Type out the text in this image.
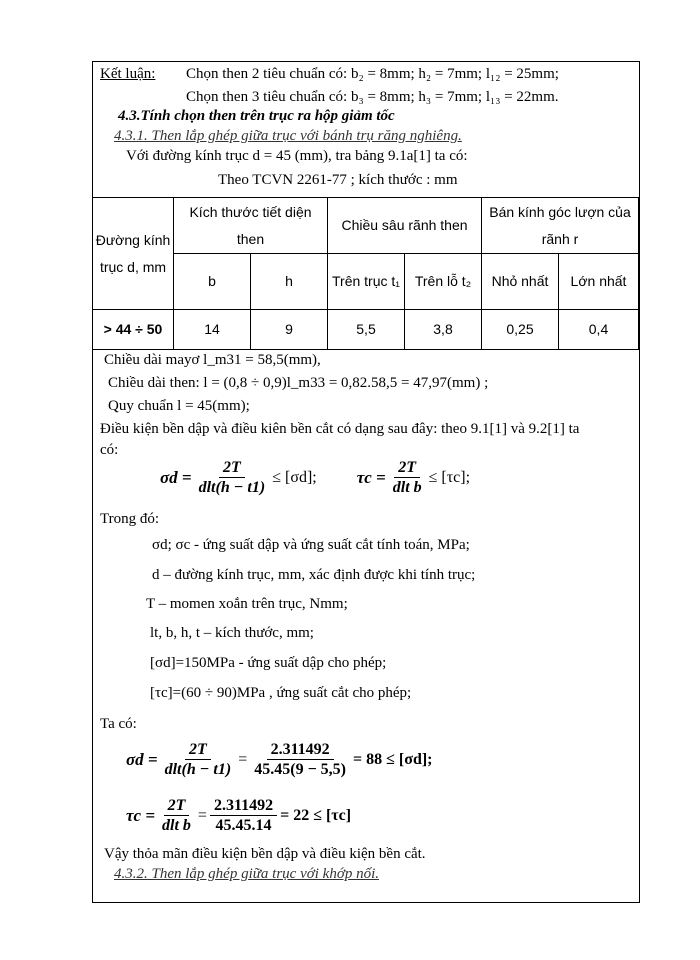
Kết luận: Chọn then 2 tiêu chuẩn có: b₂ = 8mm; h₂ = 7mm; l₁₂ = 25mm;
Chọn then 3 tiêu chuẩn có: b₃ = 8mm; h₃ = 7mm; l₁₃ = 22mm.
4.3.Tính chọn then trên trục ra hộp giảm tốc
4.3.1. Then lắp ghép giữa trục với bánh trụ răng nghiêng.
Với đường kính trục d = 45 (mm), tra bảng 9.1a[1] ta có:
Theo TCVN 2261-77 ; kích thước : mm
Đường kính trục d, mm	Kích thước tiết diện then		Chiều sâu rãnh then		Bán kính góc lượn của rãnh r	
	b	h	Trên trục t₁	Trên lỗ t₂	Nhỏ nhất	Lớn nhất
> 44 ÷ 50	14	9	5,5	3,8	0,25	0,4
Chiều dài mayơ l_m31 = 58,5(mm),
Chiều dài then: l = (0,8 ÷ 0,9)l_m33 = 0,82.58,5 = 47,97(mm) ;
Quy chuẩn l = 45(mm);
Điều kiện bền dập và điều kiên bền cắt có dạng sau đây: theo 9.1[1] và 9.2[1] ta
có:
$\sigma d = \frac{2T}{\text{dlt(h − t1)}} \le [\sigma d]$; $\tau c = \frac{2T}{\text{dlt b}} \le [\tau c]$;
Trong đó:
σd; σc - ứng suất dập và ứng suất cắt tính toán, MPa;
d – đường kính trục, mm, xác định được khi tính trục;
T – momen xoắn trên trục, Nmm;
lt, b, h, t – kích thước, mm;
[σd]=150MPa - ứng suất dập cho phép;
[τc]=(60 ÷ 90)MPa , ứng suất cắt cho phép;
Ta có:
$\sigma d = \frac{2T}{\text{dlt(h − t1)}} = \frac{2.311492}{45.45(9 - 5,5)} = 88 \le [\sigma d]$;
$\tau c = \frac{2T}{\text{dlt b}} = \frac{2.311492}{45.45.14} = 22 \le [\tau c]$
Vậy thỏa mãn điều kiện bền dập và điều kiện bền cắt.
4.3.2. Then lắp ghép giữa trục với khớp nối.
